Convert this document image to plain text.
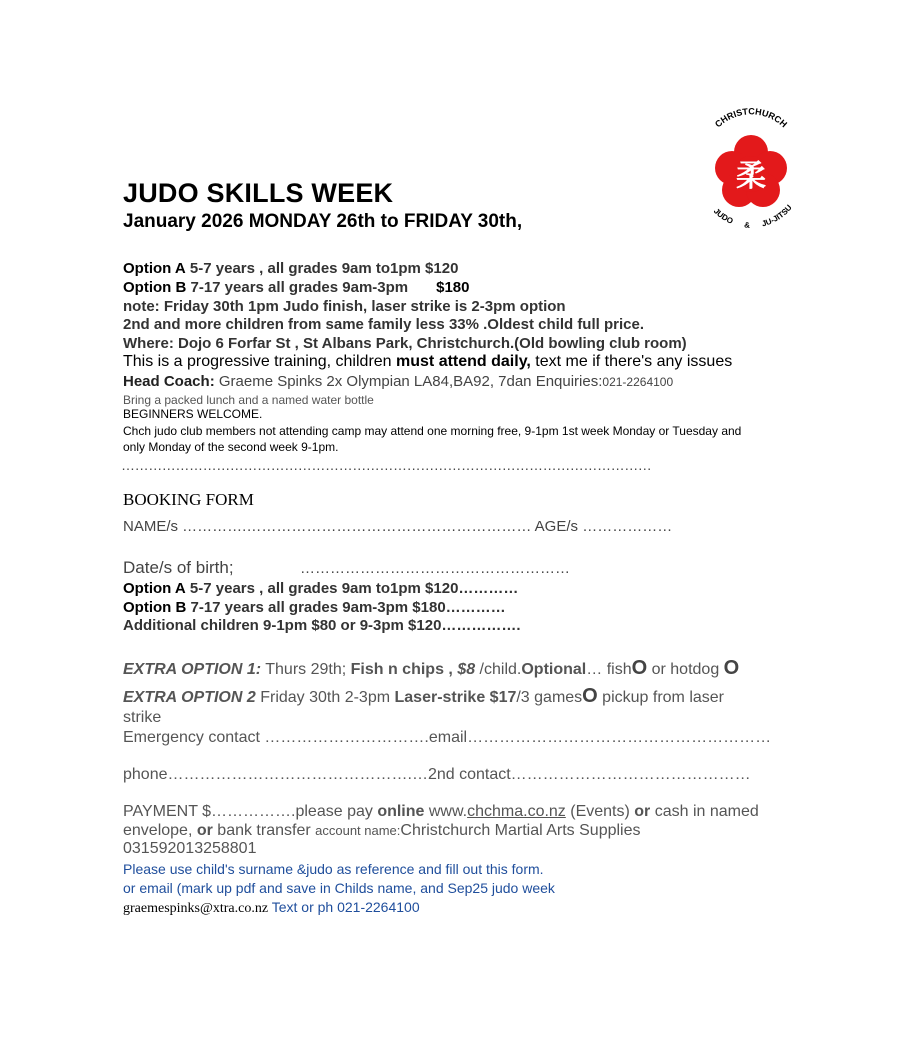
CHRISTCHURCH
柔
JUDO & JU-JITSU
JUDO SKILLS WEEK
January 2026 MONDAY 26th to FRIDAY 30th,
Option A 5-7 years , all grades 9am to1pm $120
Option B 7-17 years all grades 9am-3pm $180
note: Friday 30th 1pm Judo finish, laser strike is 2-3pm option
2nd and more children from same family less 33% .Oldest child full price.
Where: Dojo 6 Forfar St , St Albans Park, Christchurch.(Old bowling club room)
This is a progressive training, children must attend daily, text me if there's any issues
Head Coach: Graeme Spinks 2x Olympian LA84,BA92, 7dan Enquiries:021-2264100
Bring a packed lunch and a named water bottle
BEGINNERS WELCOME.
Chch judo club members not attending camp may attend one morning free, 9-1pm 1st week Monday or Tuesday and
only Monday of the second week 9-1pm.
………………………………………………………………………………………………………
BOOKING FORM
NAME/s ………….………………………………………………… AGE/s ………………
Date/s of birth;	………………………………………………
Option A 5-7 years , all grades 9am to1pm $120…………
Option B 7-17 years all grades 9am-3pm $180…………
Additional children 9-1pm $80 or 9-3pm $120…………….
EXTRA OPTION 1: Thurs 29th; Fish n chips , $8 /child.Optional… fishO or hotdog O
EXTRA OPTION 2 Friday 30th 2-3pm Laser-strike $17/3 gamesO pickup from laser
strike
Emergency contact ………………………….email…………………………………………………
phone……………………………………….…2nd contact………………………………………
PAYMENT $…………….please pay online www.chchma.co.nz (Events) or cash in named
envelope, or bank transfer account name:Christchurch Martial Arts Supplies
031592013258801
Please use child's surname &judo as reference and fill out this form.
or email (mark up pdf and save in Childs name, and Sep25 judo week
graemespinks@xtra.co.nz Text or ph 021-2264100
